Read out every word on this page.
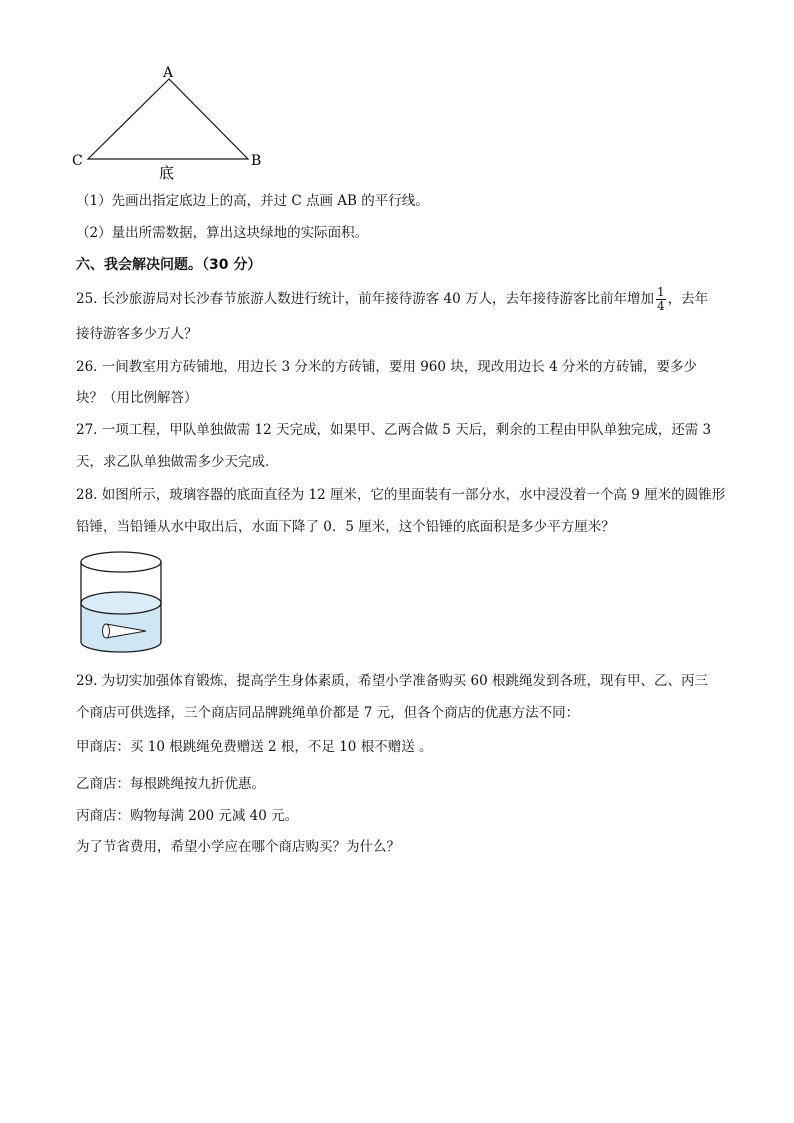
A
C	B
底
（1）先画出指定底边上的高，并过 C 点画 AB 的平行线。
（2）量出所需数据，算出这块绿地的实际面积。
六、我会解决问题。（30 分）
25. 长沙旅游局对长沙春节旅游人数进行统计，前年接待游客 40 万人，去年接待游客比前年增加 $\frac{1}{4}$ ，去年
接待游客多少万人？
26. 一间教室用方砖铺地，用边长 3 分米的方砖铺，要用 960 块，现改用边长 4 分米的方砖铺，要多少
块？（用比例解答）
27. 一项工程，甲队单独做需 12 天完成，如果甲、乙两合做 5 天后，剩余的工程由甲队单独完成，还需 3
天，求乙队单独做需多少天完成．
28. 如图所示，玻璃容器的底面直径为 12 厘米，它的里面装有一部分水，水中浸没着一个高 9 厘米的圆锥形
铅锤，当铅锤从水中取出后，水面下降了 0．5 厘米，这个铅锤的底面积是多少平方厘米？
29. 为切实加强体育锻炼，提高学生身体素质，希望小学准备购买 60 根跳绳发到各班，现有甲、乙、丙三
个商店可供选择，三个商店同品牌跳绳单价都是 7 元，但各个商店的优惠方法不同：
甲商店：买 10 根跳绳免费赠送 2 根，不足 10 根不赠送 。
乙商店：每根跳绳按九折优惠。
丙商店：购物每满 200 元减 40 元。
为了节省费用，希望小学应在哪个商店购买？为什么？
